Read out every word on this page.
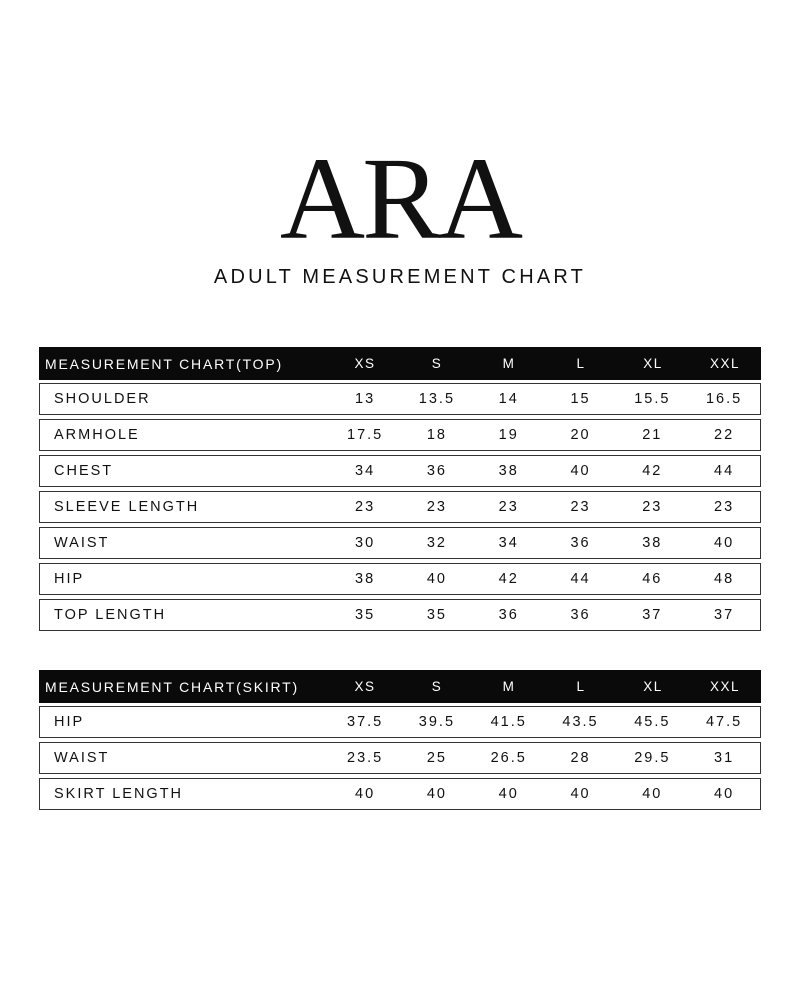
ARA
ADULT MEASUREMENT CHART
MEASUREMENT CHART(TOP)	XS	S	M	L	XL	XXL
SHOULDER	13	13.5	14	15	15.5	16.5
ARMHOLE	17.5	18	19	20	21	22
CHEST	34	36	38	40	42	44
SLEEVE LENGTH	23	23	23	23	23	23
WAIST	30	32	34	36	38	40
HIP	38	40	42	44	46	48
TOP LENGTH	35	35	36	36	37	37
MEASUREMENT CHART(SKIRT)	XS	S	M	L	XL	XXL
HIP	37.5	39.5	41.5	43.5	45.5	47.5
WAIST	23.5	25	26.5	28	29.5	31
SKIRT LENGTH	40	40	40	40	40	40
